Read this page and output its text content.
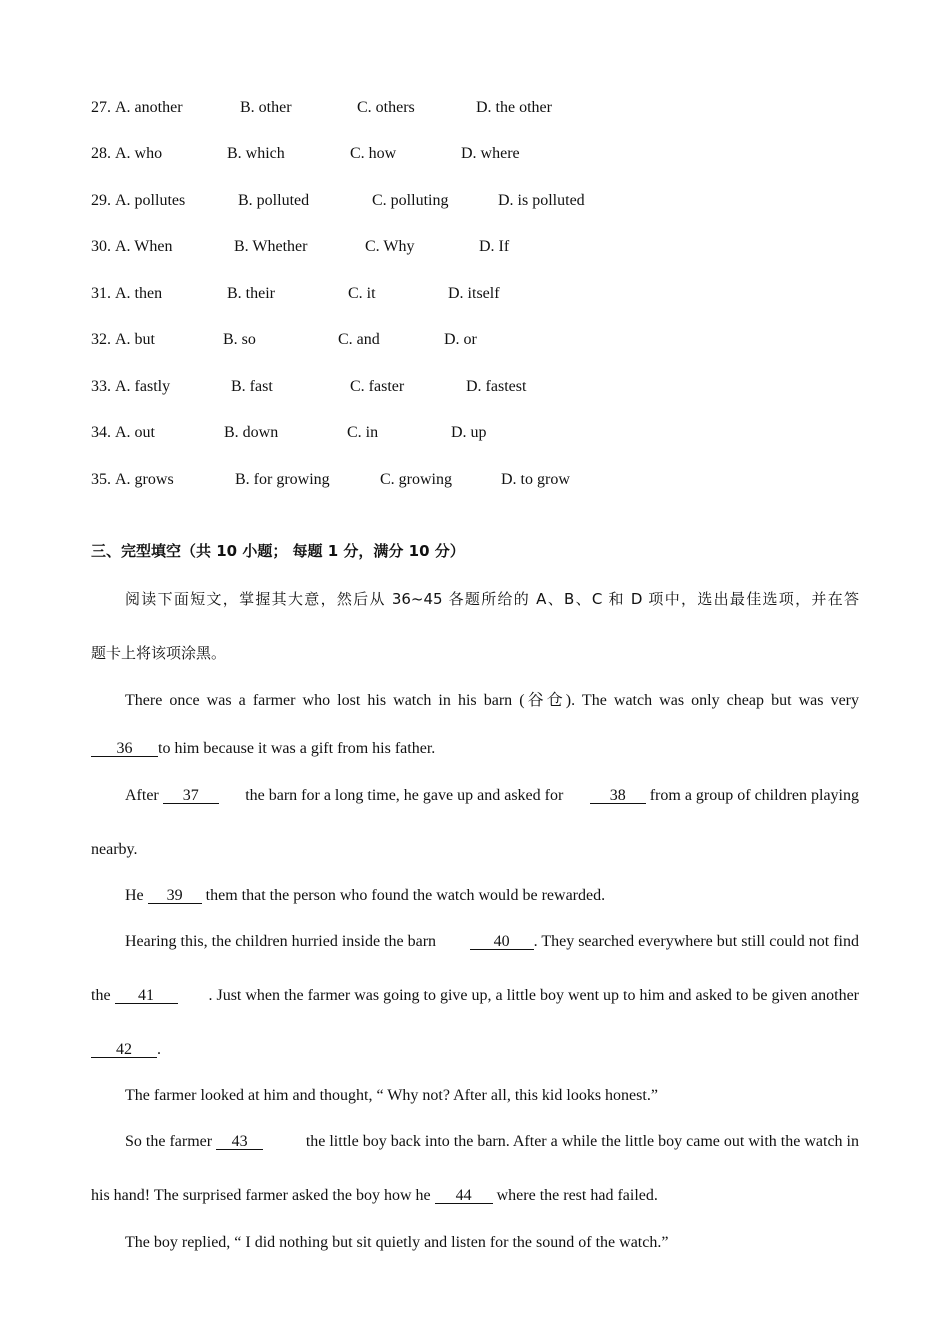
27. A. another	B. other	C. others	D. the other
28. A. who	B. which	C. how	D. where
29. A. pollutes	B. polluted	C. polluting	D. is polluted
30. A. When	B. Whether	C. Why	D. If
31. A. then	B. their	C. it	D. itself
32. A. but	B. so	C. and	D. or
33. A. fastly	B. fast	C. faster	D. fastest
34. A. out	B. down	C. in	D. up
35. A. grows	B. for growing	C. growing	D. to grow
三、完型填空（共 10 小题； 每题 1 分，满分 10 分）
阅读下面短文，掌握其大意，然后从 36~45 各题所给的 A、B、C 和 D 项中，选出最佳选项，并在答
题卡上将该项涂黑。
There once was a farmer who lost his watch in his barn (谷仓). The watch was only cheap but was very
36 to him because it was a gift from his father.
After 37	the barn for a long time, he gave up and asked for	38 from a group of children playing
nearby.
He 39 them that the person who found the watch would be rewarded.
Hearing this, the children hurried inside the barn	40 . They searched everywhere but still could not find
the 41	. Just when the farmer was going to give up, a little boy went up to him and asked to be given another
42 .
The farmer looked at him and thought, “ Why not? After all, this kid looks honest.”
So the farmer 43	the little boy back into the barn. After a while the little boy came out with the watch in
his hand! The surprised farmer asked the boy how he 44 where the rest had failed.
The boy replied, “ I did nothing but sit quietly and listen for the sound of the watch.”
